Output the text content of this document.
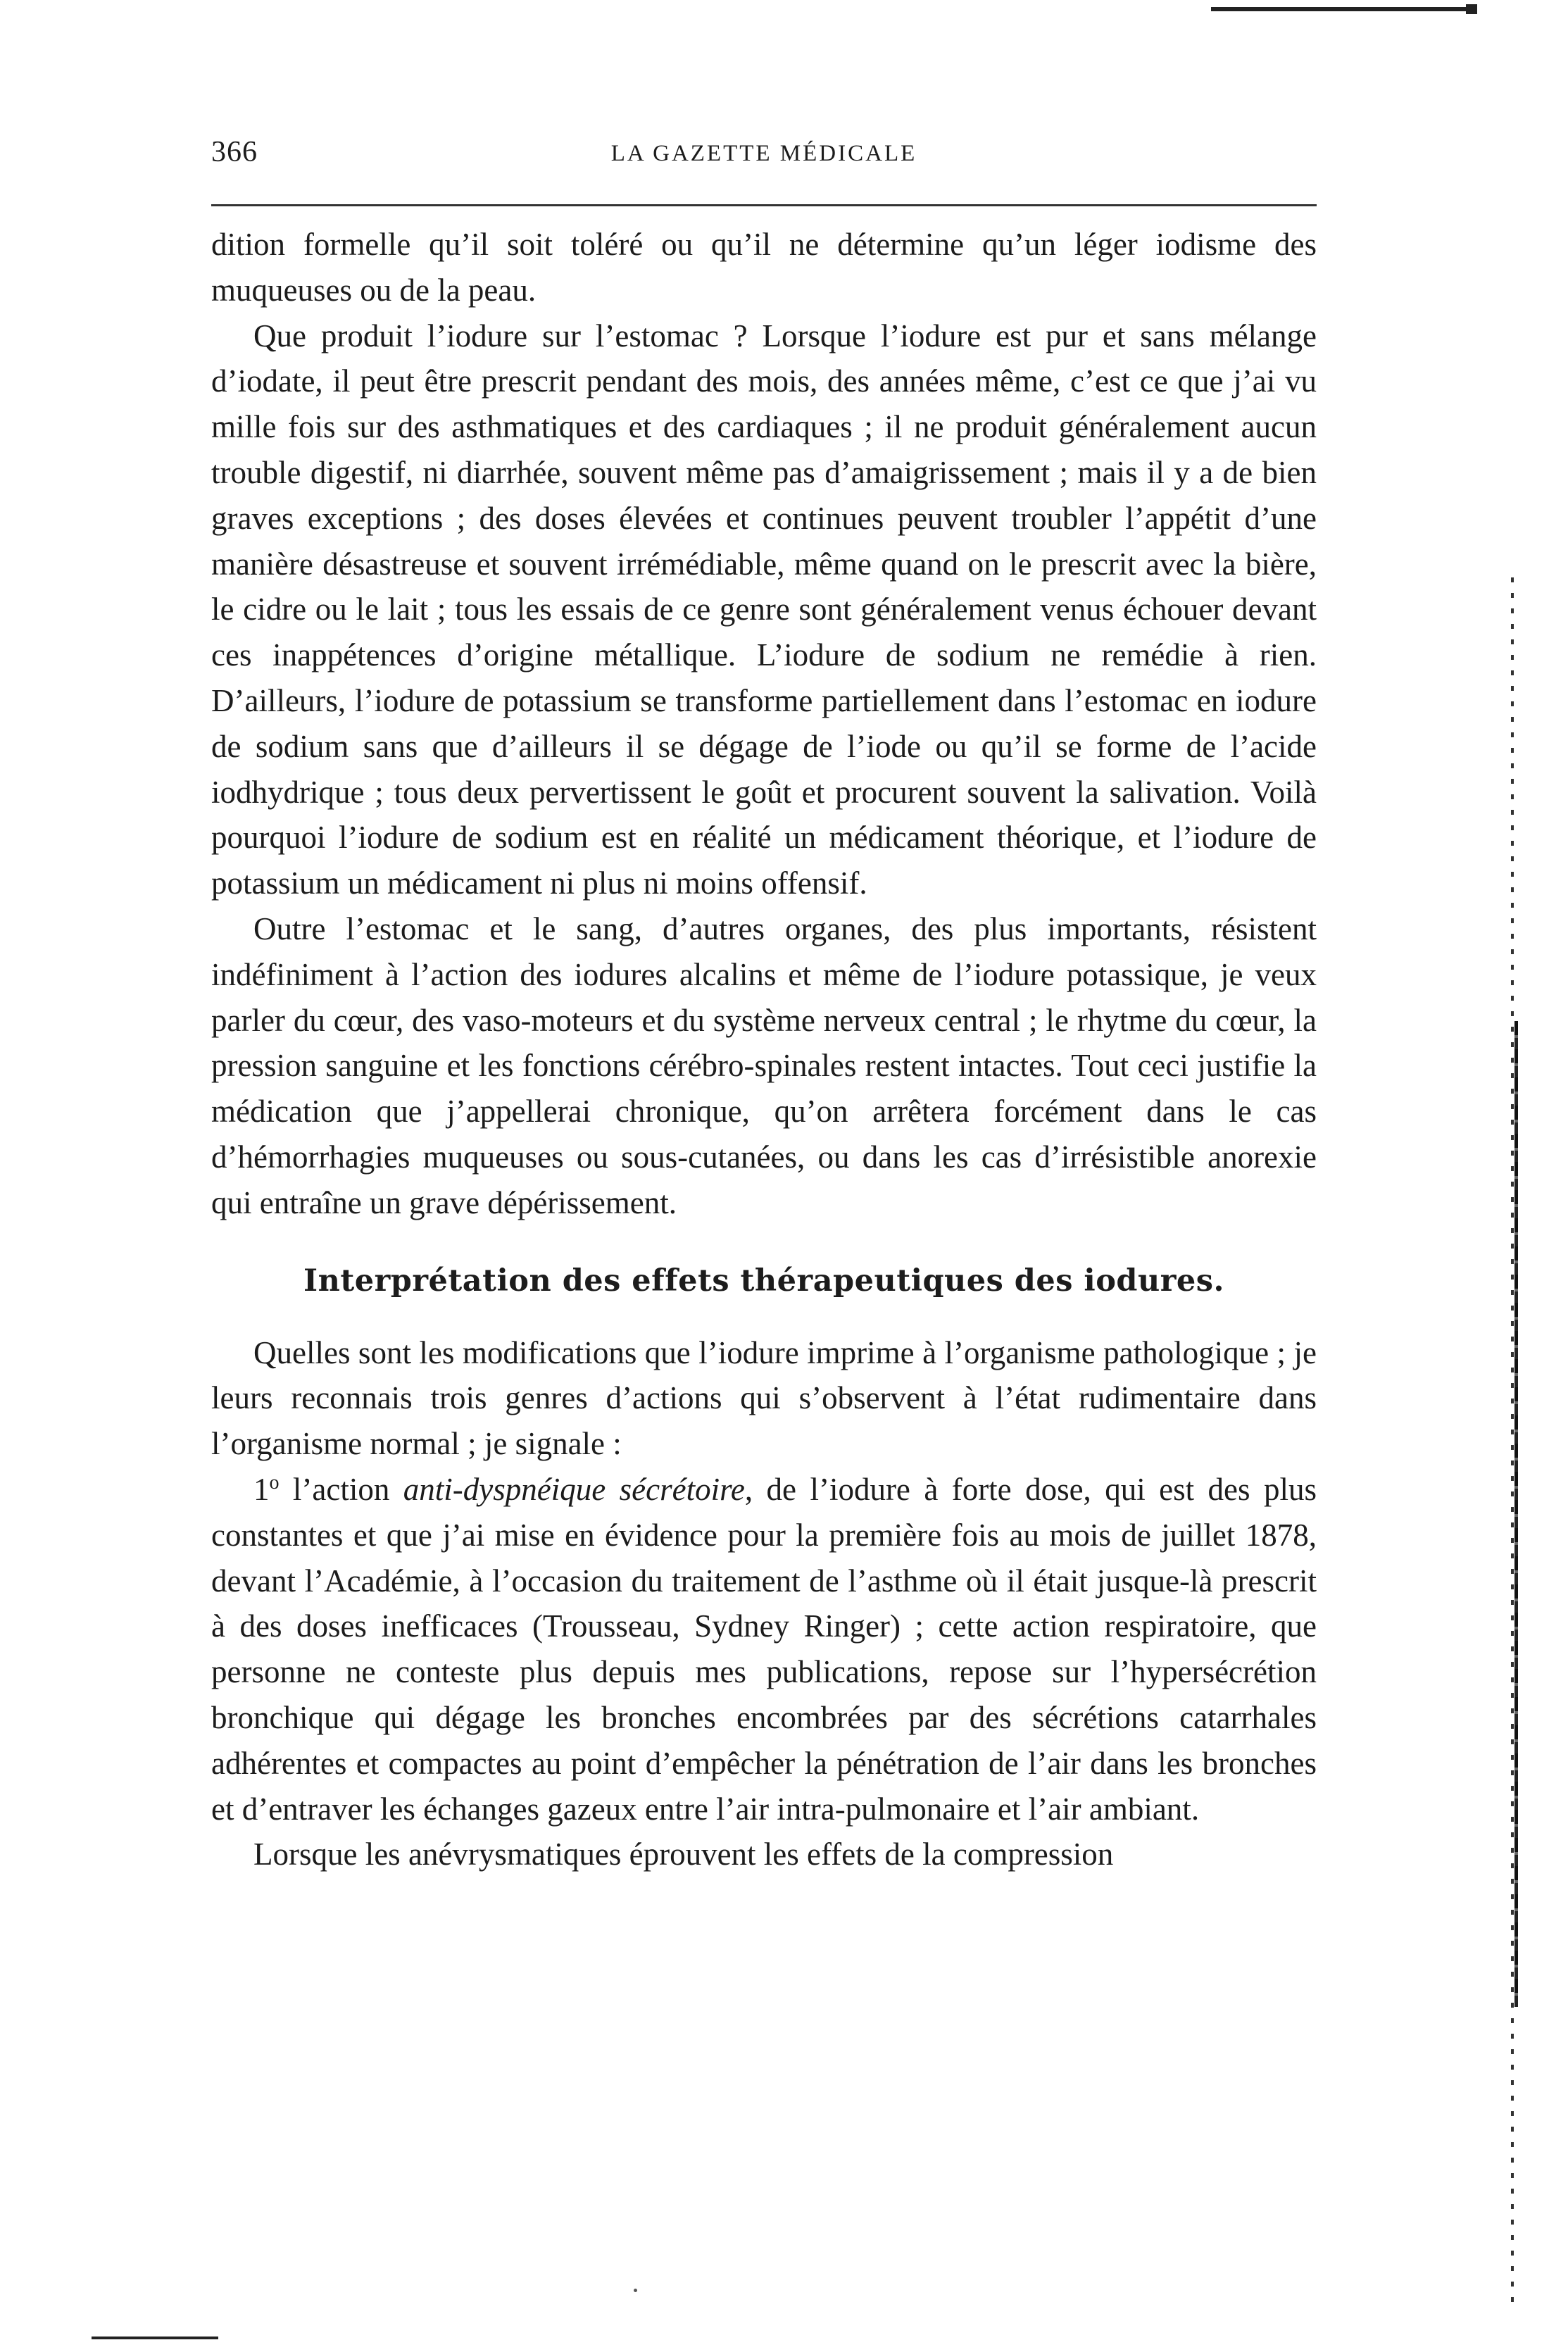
366	LA GAZETTE MÉDICALE

dition formelle qu’il soit toléré ou qu’il ne détermine qu’un léger iodisme des muqueuses ou de la peau.

Que produit l’iodure sur l’estomac ? Lorsque l’iodure est pur et sans mélange d’iodate, il peut être prescrit pendant des mois, des années même, c’est ce que j’ai vu mille fois sur des asthmatiques et des cardiaques ; il ne produit généralement aucun trouble digestif, ni diarrhée, souvent même pas d’amaigrissement ; mais il y a de bien graves exceptions ; des doses élevées et continues peuvent troubler l’appétit d’une manière désastreuse et souvent irrémédiable, même quand on le prescrit avec la bière, le cidre ou le lait ; tous les essais de ce genre sont généralement venus échouer devant ces inappétences d’origine métallique. L’iodure de sodium ne remédie à rien. D’ailleurs, l’iodure de potassium se transforme partiellement dans l’estomac en iodure de sodium sans que d’ailleurs il se dégage de l’iode ou qu’il se forme de l’acide iodhydrique ; tous deux pervertissent le goût et procurent souvent la salivation. Voilà pourquoi l’iodure de sodium est en réalité un médicament théorique, et l’iodure de potassium un médicament ni plus ni moins offensif.

Outre l’estomac et le sang, d’autres organes, des plus importants, résistent indéfiniment à l’action des iodures alcalins et même de l’iodure potassique, je veux parler du cœur, des vaso-moteurs et du système nerveux central ; le rhytme du cœur, la pression sanguine et les fonctions cérébro-spinales restent intactes. Tout ceci justifie la médication que j’appellerai chronique, qu’on arrêtera forcément dans le cas d’hémorrhagies muqueuses ou sous-cutanées, ou dans les cas d’irrésistible anorexie qui entraîne un grave dépérissement.

Interprétation des effets thérapeutiques des iodures.

Quelles sont les modifications que l’iodure imprime à l’organisme pathologique ; je leurs reconnais trois genres d’actions qui s’observent à l’état rudimentaire dans l’organisme normal ; je signale :

1$^o$ l’action anti-dyspnéique sécrétoire, de l’iodure à forte dose, qui est des plus constantes et que j’ai mise en évidence pour la première fois au mois de juillet 1878, devant l’Académie, à l’occasion du traitement de l’asthme où il était jusque-là prescrit à des doses inefficaces (Trousseau, Sydney Ringer) ; cette action respiratoire, que personne ne conteste plus depuis mes publications, repose sur l’hypersécrétion bronchique qui dégage les bronches encombrées par des sécrétions catarrhales adhérentes et compactes au point d’empêcher la pénétration de l’air dans les bronches et d’entraver les échanges gazeux entre l’air intra-pulmonaire et l’air ambiant.

Lorsque les anévrysmatiques éprouvent les effets de la compression
